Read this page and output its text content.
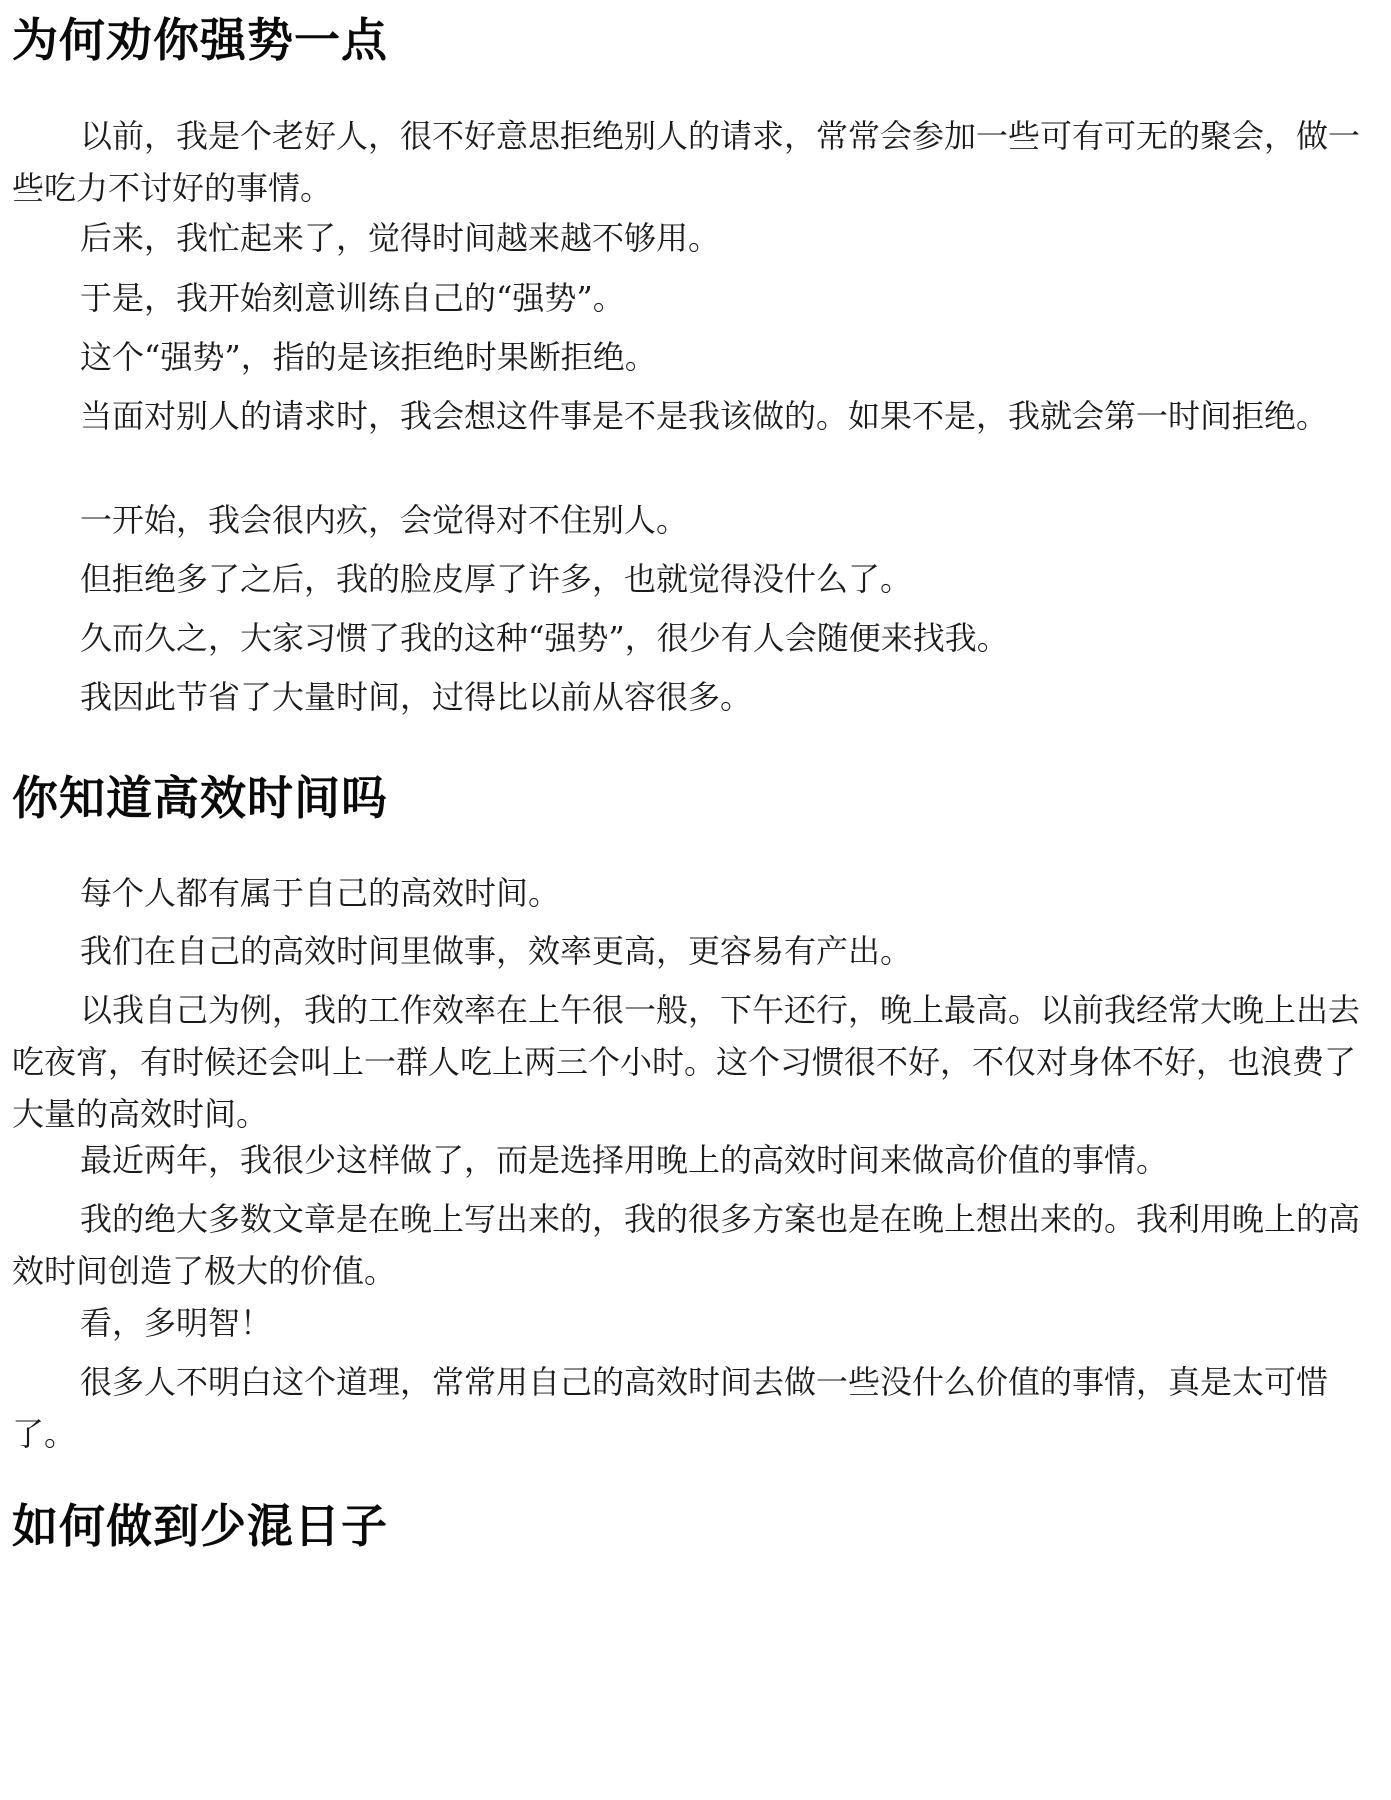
为何劝你强势一点

以前，我是个老好人，很不好意思拒绝别人的请求，常常会参加一些可有可无的聚会，做一些吃力不讨好的事情。

后来，我忙起来了，觉得时间越来越不够用。

于是，我开始刻意训练自己的“强势”。

这个“强势”，指的是该拒绝时果断拒绝。

当面对别人的请求时，我会想这件事是不是我该做的。如果不是，我就会第一时间拒绝。

一开始，我会很内疚，会觉得对不住别人。

但拒绝多了之后，我的脸皮厚了许多，也就觉得没什么了。

久而久之，大家习惯了我的这种“强势”，很少有人会随便来找我。

我因此节省了大量时间，过得比以前从容很多。

你知道高效时间吗

每个人都有属于自己的高效时间。

我们在自己的高效时间里做事，效率更高，更容易有产出。

以我自己为例，我的工作效率在上午很一般，下午还行，晚上最高。以前我经常大晚上出去吃夜宵，有时候还会叫上一群人吃上两三个小时。这个习惯很不好，不仅对身体不好，也浪费了大量的高效时间。

最近两年，我很少这样做了，而是选择用晚上的高效时间来做高价值的事情。

我的绝大多数文章是在晚上写出来的，我的很多方案也是在晚上想出来的。我利用晚上的高效时间创造了极大的价值。

看，多明智！

很多人不明白这个道理，常常用自己的高效时间去做一些没什么价值的事情，真是太可惜了。

如何做到少混日子
